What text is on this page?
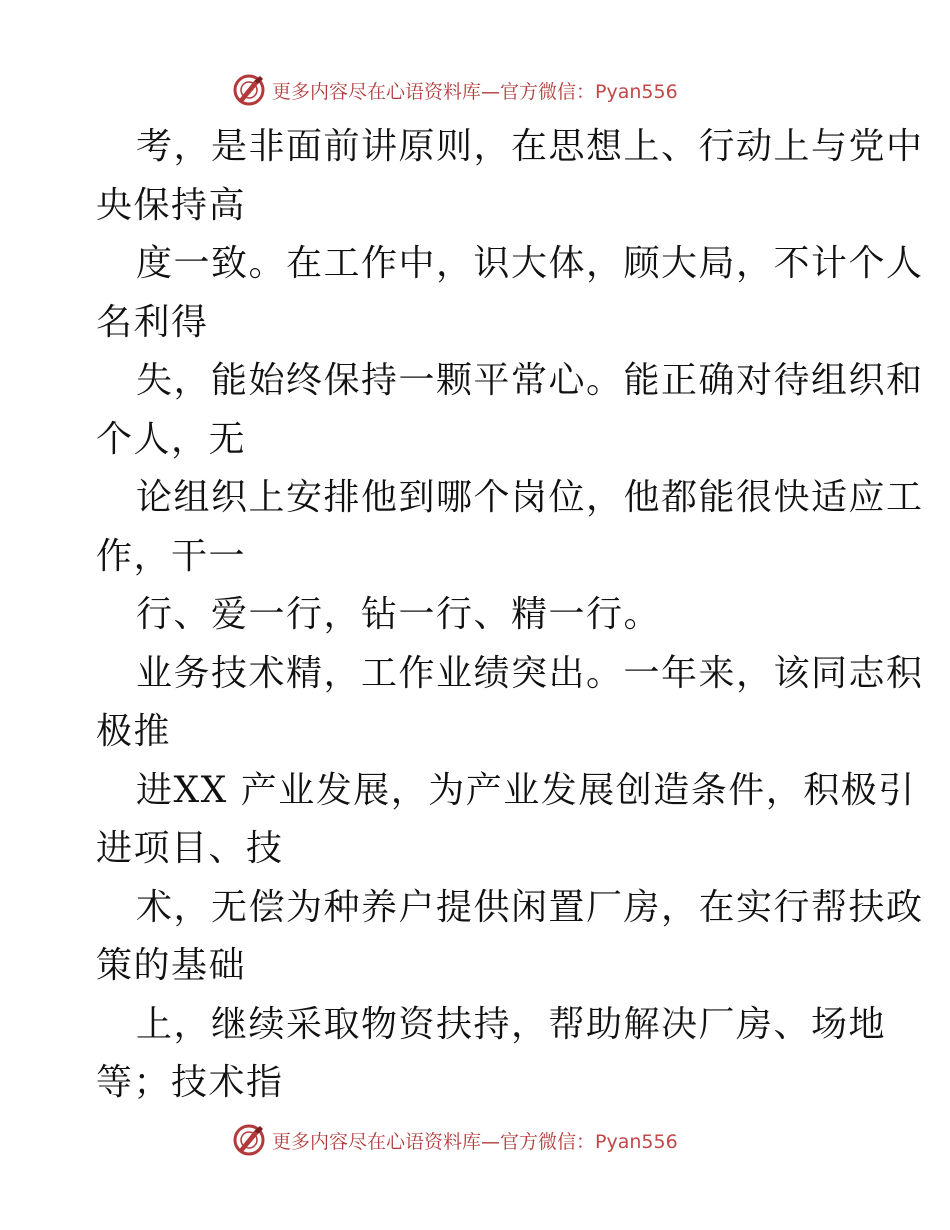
更多内容尽在心语资料库—官方微信：Pyan556
考，是非面前讲原则，在思想上、行动上与党中
央保持高
度一致。在工作中，识大体，顾大局，不计个人
名利得
失，能始终保持一颗平常心。能正确对待组织和
个人，无
论组织上安排他到哪个岗位，他都能很快适应工
作，干一
行、爱一行，钻一行、精一行。
业务技术精，工作业绩突出。一年来，该同志积
极推
进XX 产业发展，为产业发展创造条件，积极引
进项目、技
术，无偿为种养户提供闲置厂房，在实行帮扶政
策的基础
上，继续采取物资扶持，帮助解决厂房、场地
等；技术指
更多内容尽在心语资料库—官方微信：Pyan556
